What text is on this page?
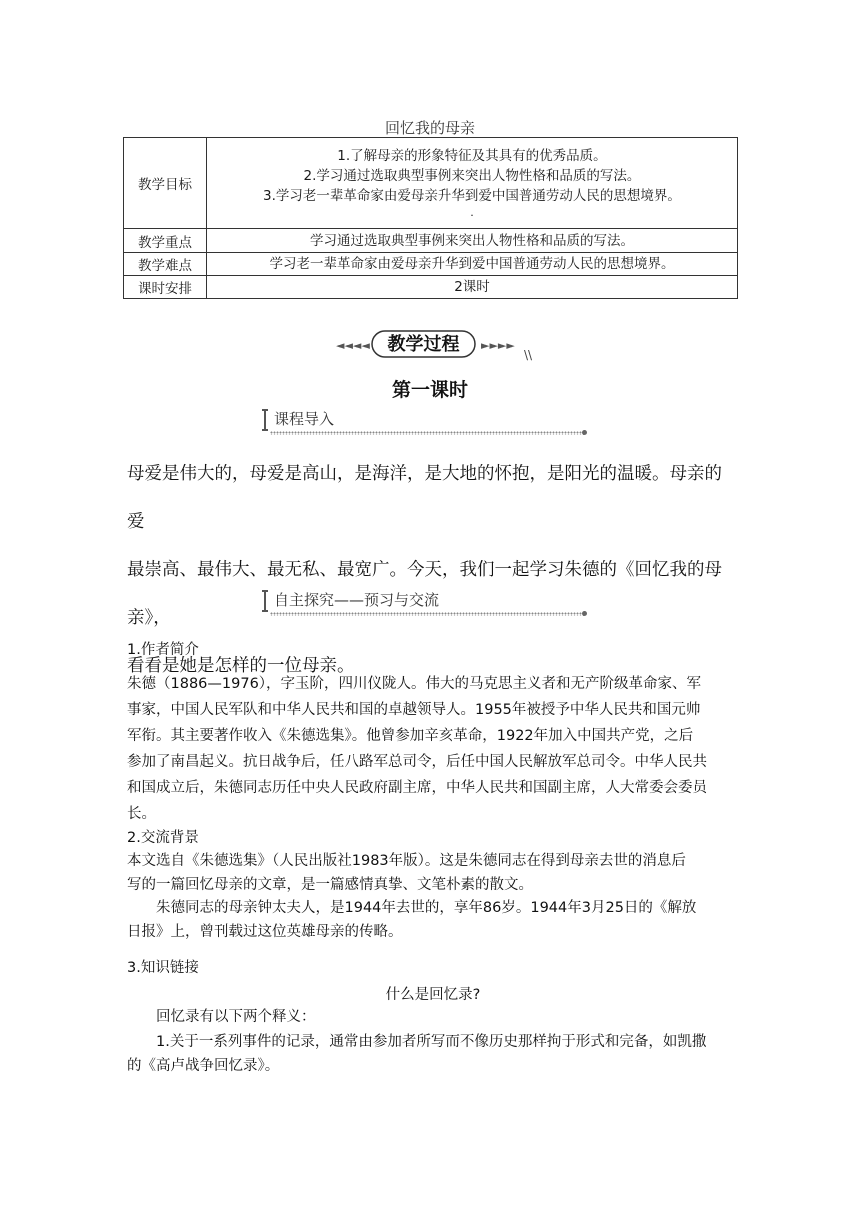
回忆我的母亲
教学目标	1.了解母亲的形象特征及其具有的优秀品质。
2.学习通过选取典型事例来突出人物性格和品质的写法。
3.学习老一辈革命家由爱母亲升华到爱中国普通劳动人民的思想境界。
.

教学重点	学习通过选取典型事例来突出人物性格和品质的写法。
教学难点	学习老一辈革命家由爱母亲升华到爱中国普通劳动人民的思想境界。
课时安排	2课时
◄◄◄◄ 教学过程 ►►►►
\\
第一课时
课程导入

母爱是伟大的，母爱是高山，是海洋，是大地的怀抱，是阳光的温暖。母亲的爱

最崇高、最伟大、最无私、最宽广。今天，我们一起学习朱德的《回忆我的母亲》，

看看是她是怎样的一位母亲。

自主探究——预习与交流
1.作者简介

朱德（1886—1976），字玉阶，四川仪陇人。伟大的马克思主义者和无产阶级革命家、军

事家，中国人民军队和中华人民共和国的卓越领导人。1955年被授予中华人民共和国元帅

军衔。其主要著作收入《朱德选集》。他曾参加辛亥革命，1922年加入中国共产党，之后

参加了南昌起义。抗日战争后，任八路军总司令，后任中国人民解放军总司令。中华人民共

和国成立后，朱德同志历任中央人民政府副主席，中华人民共和国副主席，人大常委会委员

长。

2.交流背景

本文选自《朱德选集》（人民出版社1983年版）。这是朱德同志在得到母亲去世的消息后

写的一篇回忆母亲的文章，是一篇感情真挚、文笔朴素的散文。

朱德同志的母亲钟太夫人，是1944年去世的，享年86岁。1944年3月25日的《解放

日报》上，曾刊载过这位英雄母亲的传略。

3.知识链接
什么是回忆录?
回忆录有以下两个释义：

1.关于一系列事件的记录，通常由参加者所写而不像历史那样拘于形式和完备，如凯撒

的《高卢战争回忆录》。
